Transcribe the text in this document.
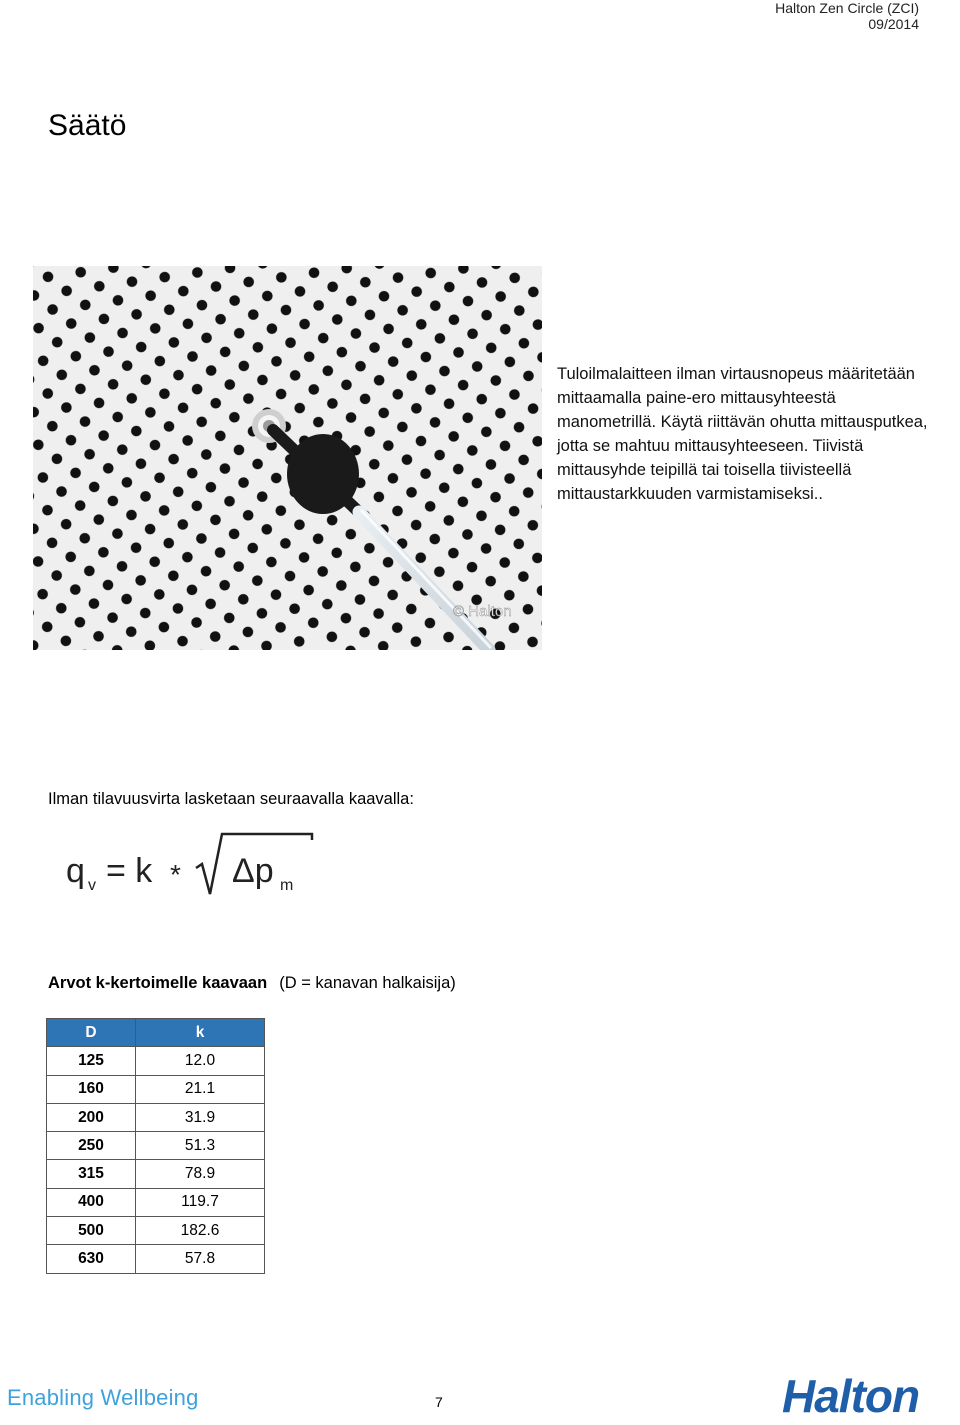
Halton Zen Circle (ZCI)
09/2014
Säätö
© Halton
Tuloilmalaitteen ilman virtausnopeus määritetään mittaamalla paine-ero mittausyhteestä manometrillä. Käytä riittävän ohutta mittausputkea, jotta se mahtuu mittausyhteeseen. Tiivistä mittausyhde teipillä tai toisella tiivisteellä mittaustarkkuuden varmistamiseksi..
Ilman tilavuusvirta lasketaan seuraavalla kaavalla:
q v = k * Δp m
Arvot k-kertoimelle kaavaan (D = kanavan halkaisija)
D	k
125	12.0
160	21.1
200	31.9
250	51.3
315	78.9
400	119.7
500	182.6
630	57.8
Enabling Wellbeing	7	Halton
